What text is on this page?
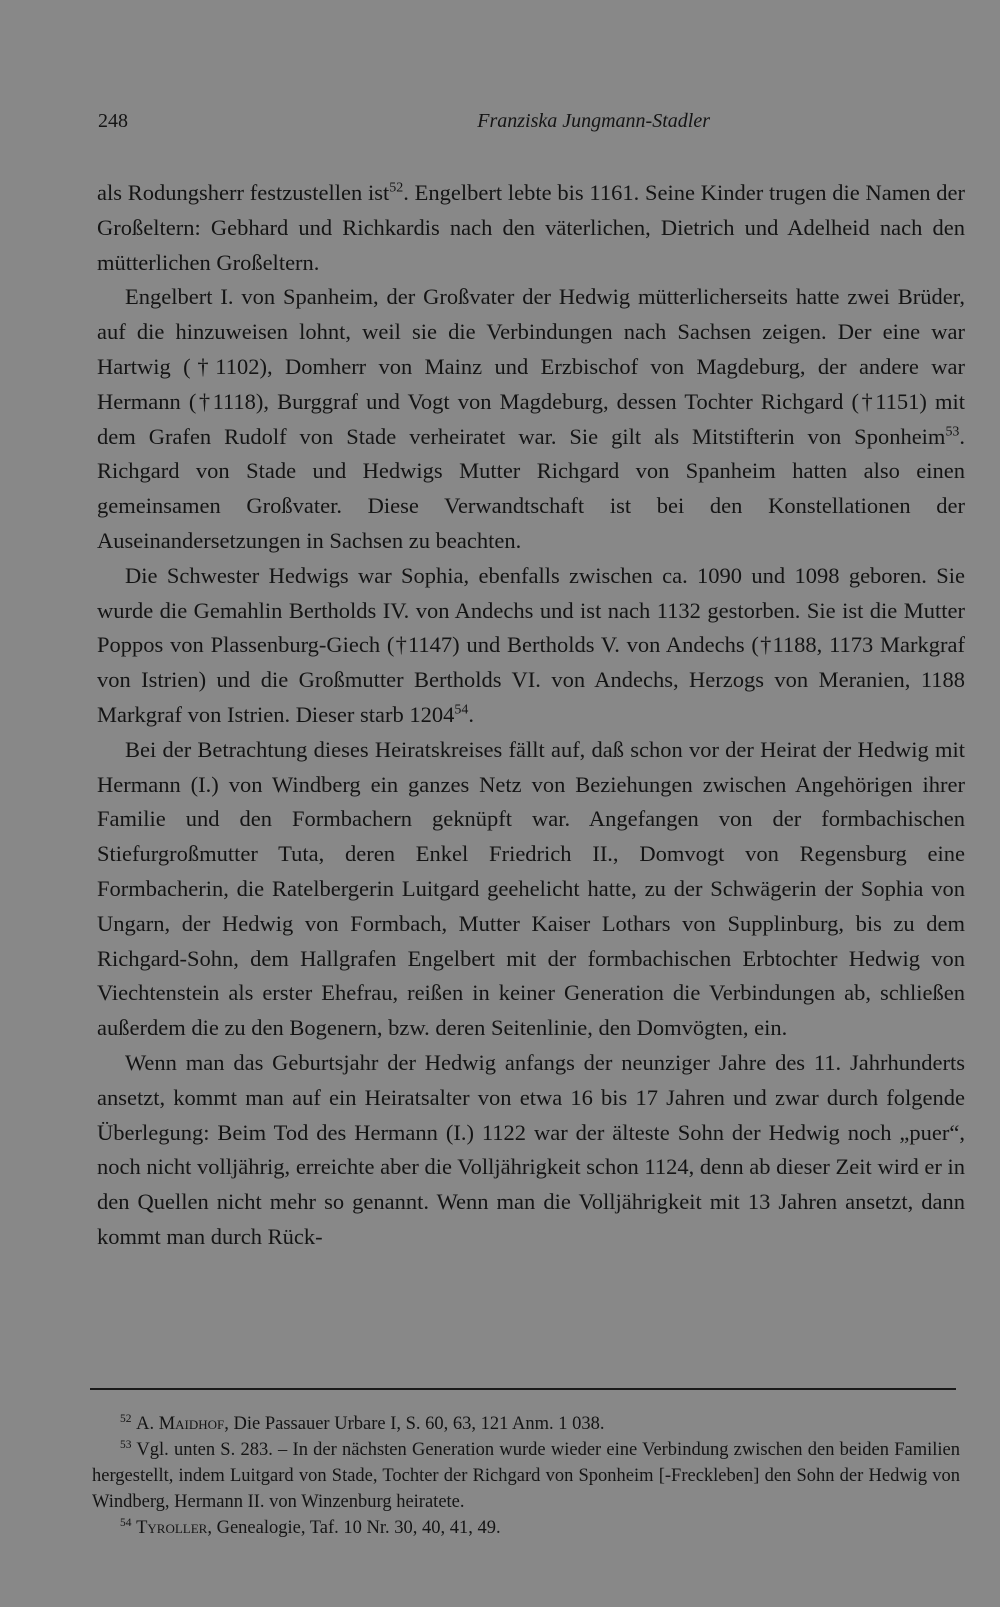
248	Franziska Jungmann-Stadler

als Rodungsherr festzustellen ist$^{52}$. Engelbert lebte bis 1161. Seine Kinder trugen die Namen der Großeltern: Gebhard und Richkardis nach den väterlichen, Dietrich und Adelheid nach den mütterlichen Großeltern.

Engelbert I. von Spanheim, der Großvater der Hedwig mütterlicherseits hatte zwei Brüder, auf die hinzuweisen lohnt, weil sie die Verbindungen nach Sachsen zeigen. Der eine war Hartwig (†1102), Domherr von Mainz und Erzbischof von Magdeburg, der andere war Hermann (†1118), Burggraf und Vogt von Magdeburg, dessen Tochter Richgard (†1151) mit dem Grafen Rudolf von Stade verheiratet war. Sie gilt als Mitstifterin von Sponheim$^{53}$. Richgard von Stade und Hedwigs Mutter Richgard von Spanheim hatten also einen gemeinsamen Großvater. Diese Verwandtschaft ist bei den Konstellationen der Auseinandersetzungen in Sachsen zu beachten.

Die Schwester Hedwigs war Sophia, ebenfalls zwischen ca. 1090 und 1098 geboren. Sie wurde die Gemahlin Bertholds IV. von Andechs und ist nach 1132 gestorben. Sie ist die Mutter Poppos von Plassenburg-Giech (†1147) und Bertholds V. von Andechs (†1188, 1173 Markgraf von Istrien) und die Großmutter Bertholds VI. von Andechs, Herzogs von Meranien, 1188 Markgraf von Istrien. Dieser starb 1204$^{54}$.

Bei der Betrachtung dieses Heiratskreises fällt auf, daß schon vor der Heirat der Hedwig mit Hermann (I.) von Windberg ein ganzes Netz von Beziehungen zwischen Angehörigen ihrer Familie und den Formbachern geknüpft war. Angefangen von der formbachischen Stiefurgroßmutter Tuta, deren Enkel Friedrich II., Domvogt von Regensburg eine Formbacherin, die Ratelbergerin Luitgard geehelicht hatte, zu der Schwägerin der Sophia von Ungarn, der Hedwig von Formbach, Mutter Kaiser Lothars von Supplinburg, bis zu dem Richgard-Sohn, dem Hallgrafen Engelbert mit der formbachischen Erbtochter Hedwig von Viechtenstein als erster Ehefrau, reißen in keiner Generation die Verbindungen ab, schließen außerdem die zu den Bogenern, bzw. deren Seitenlinie, den Domvögten, ein.

Wenn man das Geburtsjahr der Hedwig anfangs der neunziger Jahre des 11. Jahrhunderts ansetzt, kommt man auf ein Heiratsalter von etwa 16 bis 17 Jahren und zwar durch folgende Überlegung: Beim Tod des Hermann (I.) 1122 war der älteste Sohn der Hedwig noch „puer“, noch nicht volljährig, erreichte aber die Volljährigkeit schon 1124, denn ab dieser Zeit wird er in den Quellen nicht mehr so genannt. Wenn man die Volljährigkeit mit 13 Jahren ansetzt, dann kommt man durch Rück-

$^{52}$ A. Maidhof, Die Passauer Urbare I, S. 60, 63, 121 Anm. 1 038.

$^{53}$ Vgl. unten S. 283. – In der nächsten Generation wurde wieder eine Verbindung zwischen den beiden Familien hergestellt, indem Luitgard von Stade, Tochter der Richgard von Sponheim [-Freckleben] den Sohn der Hedwig von Windberg, Hermann II. von Winzenburg heiratete.

$^{54}$ Tyroller, Genealogie, Taf. 10 Nr. 30, 40, 41, 49.
